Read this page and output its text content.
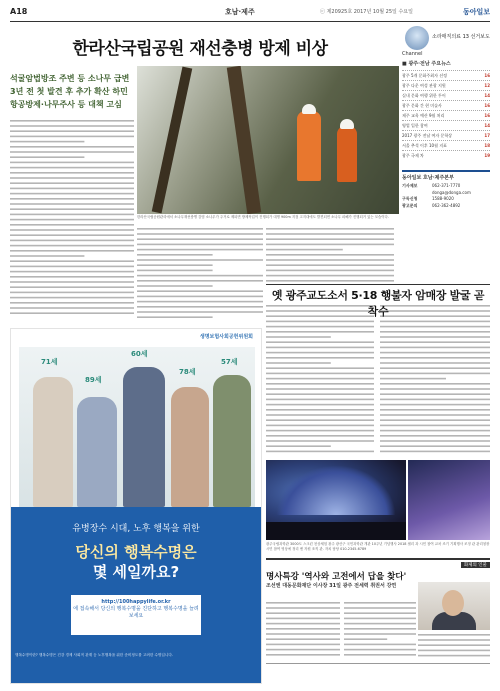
A18	호남·제주	ⓒ 제20925호 2017년 10월 25일 수요일	동아일보
한라산국립공원 재선충병 방제 비상	Channel
소라매직의료 13 선거보도
석굴암법방조 주변 등 소나무 급변
3년 전 첫 발견 후 추가 확산 하민
항공방제·나무주사 등 대책 고심
한라산국립공원관리에서 소나무재선충병 감염 소나무가 주거로 제되면 방제작업이 진행되가 대명 900m 지점 고지대에도 발견되면 소나무 피해가 진행되거 있는 모습이다.
■ 광주·전남 주요뉴스
광주 5개 문화주최자 선정	16
광주 다운 여성 관광 지원	12
실내 문화 여행 위한 투어	14
광주 문화 간 현 미술사	16
제주 교육 예산 9월 처리	16
영업 입한 참여	14
2017 광주 전남 여자 문학상	17
서울 추석 이후 10월 지표	18
광주 국제 차	19
동아일보 호남·제주본부
기사제보	062-371-7770
donga@donga.com
구독신청	1588-9020
광고문의	062-362-4892
생명보험사회공헌위원회
71세
89세
60세
78세
57세
유병장수 시대, 노후 행복을 위한
당신의 행복수명은
몇 세일까요?
http://100happylife.or.kr
에 접속해서 당신의 행복수명을 진단하고 행복수명을 늘려보세요
행복수명이란? 행복수명은 건강 경제 사회적 관계 등 노후행복을 위한 준비정도를 고려한 수명입니다.
옛 광주교도소서 5·18 행불자 암매장 발굴 곧 착수
광주국립과학관 3000도 스크린 천상체험 광주 광산구 국민과학관 개관 10주년 기념행사 2018 셀리 과 시민 참여 교차 조기 기획행사 조정 관 관리청장 시민 참여 영상에 정리 앤 자원 조직 관. 자치 담당 010-2345-6789
화제의 인물
명사특강 '역사와 고전에서 답을 찾다'
조선엔 대동문화재단 이사장 31일 광주 전세력 취권서 강연
